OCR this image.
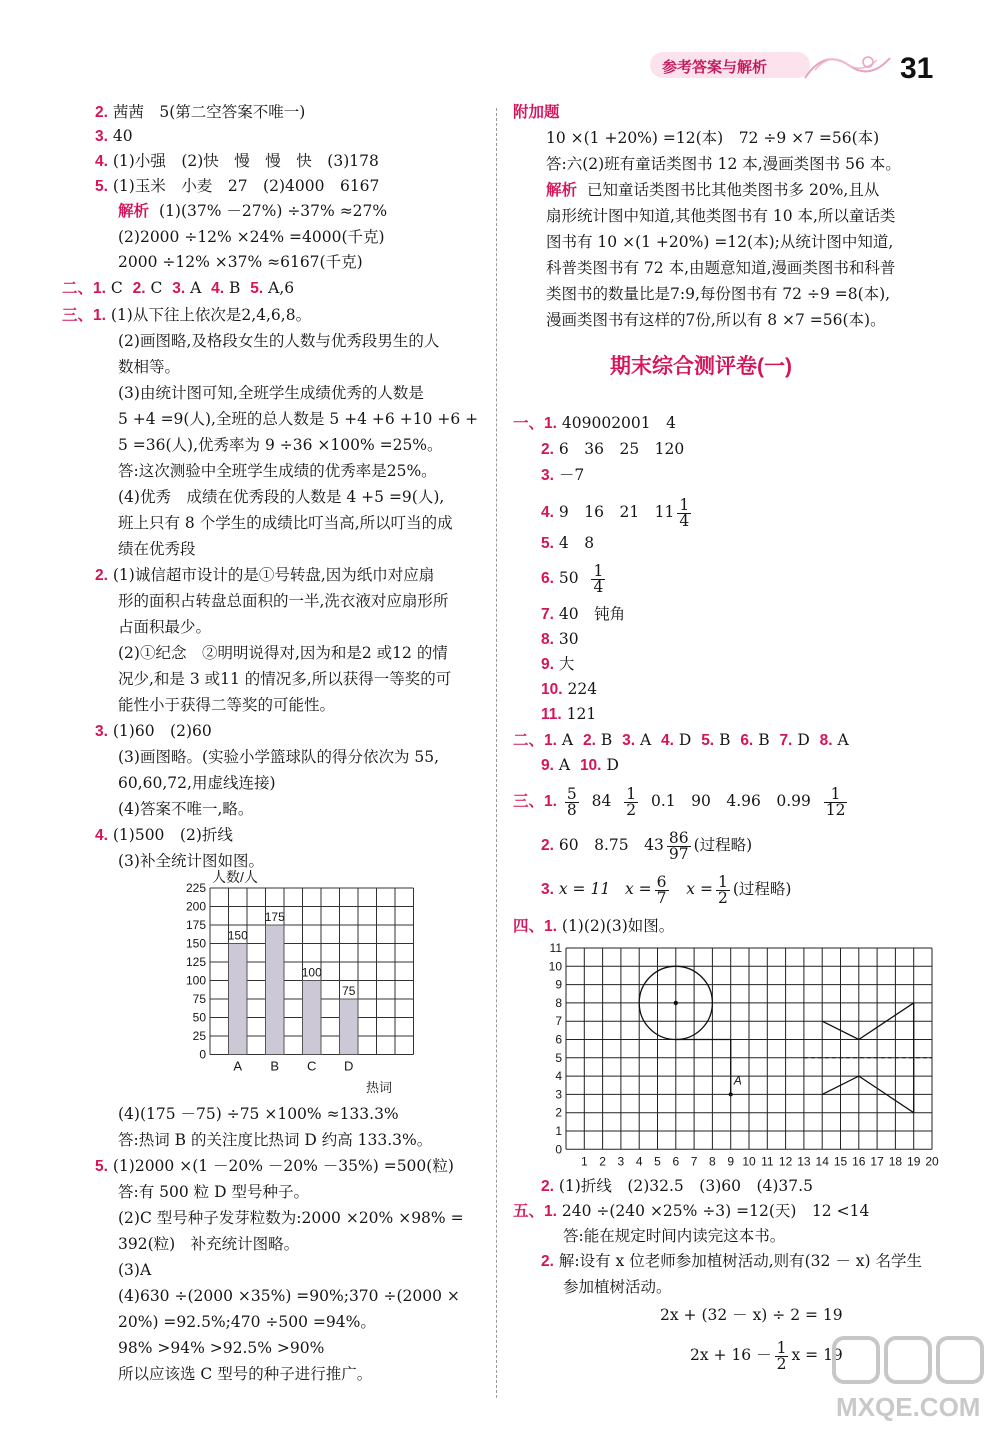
参考答案与解析	31
2. 茜茜　5(第二空答案不唯一)
3. 40
4. (1)小强　(2)快　慢　慢　快　(3)178
5. (1)玉米　小麦　27　(2)4000　6167
解析 (1)(37% －27%) ÷37% ≈27%
(2)2000 ÷12% ×24% =4000(千克)
2000 ÷12% ×37% ≈6167(千克)
二、1. C 2. C 3. A 4. B 5. A,6
三、1. (1)从下往上依次是2,4,6,8。
(2)画图略,及格段女生的人数与优秀段男生的人
数相等。
(3)由统计图可知,全班学生成绩优秀的人数是
5 +4 =9(人),全班的总人数是 5 +4 +6 +10 +6 +
5 =36(人),优秀率为 9 ÷36 ×100% =25%。
答:这次测验中全班学生成绩的优秀率是25%。
(4)优秀　成绩在优秀段的人数是 4 +5 =9(人),
班上只有 8 个学生的成绩比叮当高,所以叮当的成
绩在优秀段
2. (1)诚信超市设计的是①号转盘,因为纸巾对应扇
形的面积占转盘总面积的一半,洗衣液对应扇形所
占面积最少。
(2)①纪念　②明明说得对,因为和是2 或12 的情
况少,和是 3 或11 的情况多,所以获得一等奖的可
能性小于获得二等奖的可能性。
3. (1)60　(2)60
(3)画图略。(实验小学篮球队的得分依次为 55,
60,60,72,用虚线连接)
(4)答案不唯一,略。
4. (1)500　(2)折线
(3)补全统计图如图。
人数/人
150
175
100
75
0
25
50
75
100
125
150
175
200
225
A B C D
热词
(4)(175 －75) ÷75 ×100% ≈133.3%
答:热词 B 的关注度比热词 D 约高 133.3%。
5. (1)2000 ×(1 －20% －20% －35%) =500(粒)
答:有 500 粒 D 型号种子。
(2)C 型号种子发芽粒数为:2000 ×20% ×98% =
392(粒)　补充统计图略。
(3)A
(4)630 ÷(2000 ×35%) =90%;370 ÷(2000 ×
20%) =92.5%;470 ÷500 =94%。
98% >94% >92.5% >90%
所以应该选 C 型号的种子进行推广。
附加题
10 ×(1 +20%) =12(本)　72 ÷9 ×7 =56(本)
答:六(2)班有童话类图书 12 本,漫画类图书 56 本。
解析 已知童话类图书比其他类图书多 20%,且从
扇形统计图中知道,其他类图书有 10 本,所以童话类
图书有 10 ×(1 +20%) =12(本);从统计图中知道,
科普类图书有 72 本,由题意知道,漫画类图书和科普
类图书的数量比是7:9,每份图书有 72 ÷9 =8(本),
漫画类图书有这样的7份,所以有 8 ×7 =56(本)。
期末综合测评卷(一)
一、1. 409002001　4
2. 6　36　25　120
3. －7
4. 9　16　21　$11 \frac{1}{4}$
5. 4　8
6. $50 \frac{1}{4}$
7. 40　钝角
8. 30
9. 大
10. 224
11. 121
二、1. A 2. B 3. A 4. D 5. B 6. B 7. D 8. A
9. A 10. D
三、1. $\frac{5}{8} 84 \frac{1}{2} 0.1$　90　4.96　$0.99 \frac{1}{12}$
2. 60　8.75　$43 \frac{86}{97}$ (过程略)
3. x = 11 $x = \frac{6}{7}$ $x = \frac{1}{2}$ (过程略)
四、1. (1)(2)(3)如图。
1 2 3 4 5 6 7 8 9 10 11 12 13 14 15 16 17 18 19 20
0
1
2
3
4
5
6
7
8
9
10
11
A
2. (1)折线　(2)32.5　(3)60　(4)37.5
五、1. 240 ÷(240 ×25% ÷3) =12(天)　12 <14
答:能在规定时间内读完这本书。
2. 解:设有 x 位老师参加植树活动,则有(32 － x) 名学生
参加植树活动。
2x + (32 － x) ÷ 2 = 19
$2x + 16 - \frac{1}{2}$ x = 19
MXQE.COM
